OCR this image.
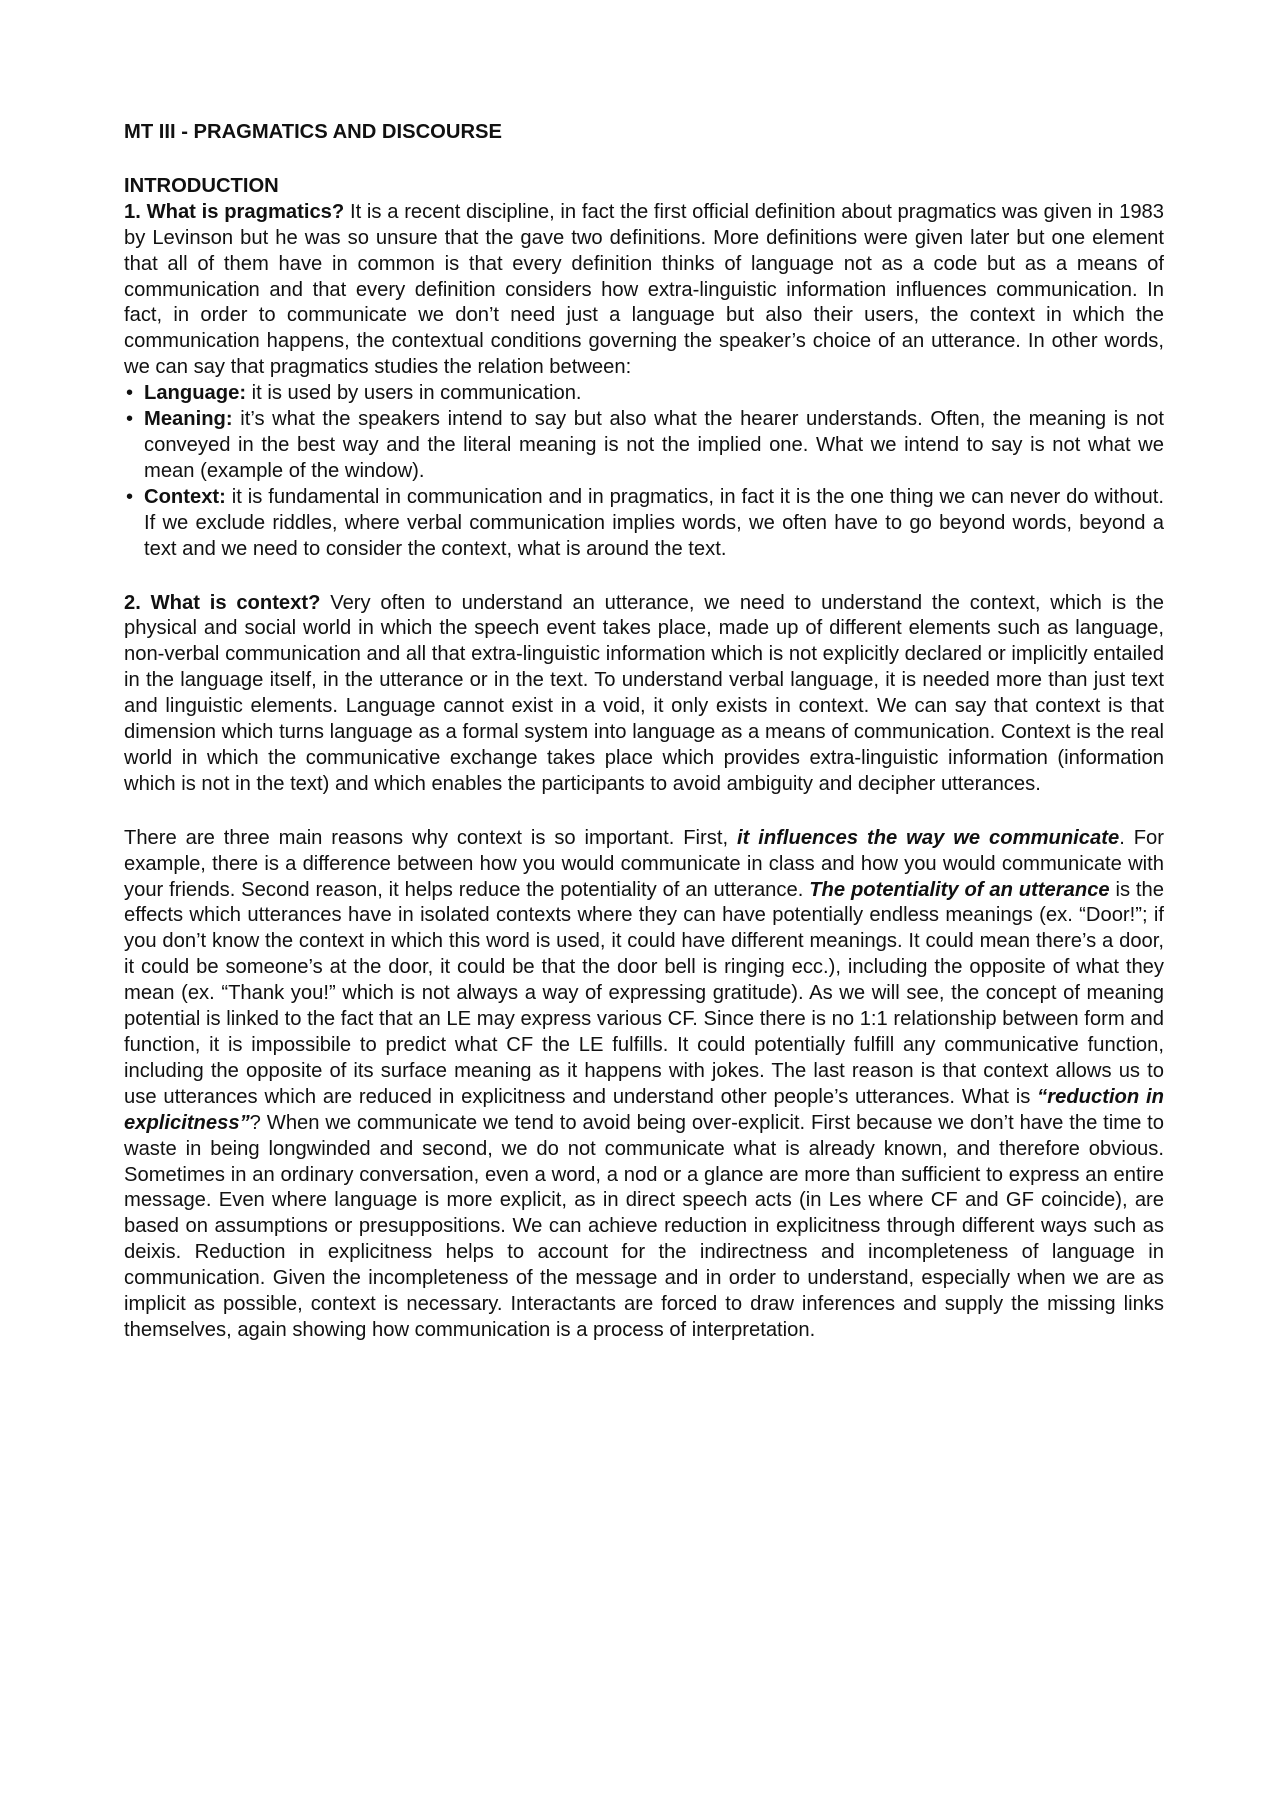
MT III - PRAGMATICS AND DISCOURSE

INTRODUCTION

1. What is pragmatics? It is a recent discipline, in fact the first official definition about pragmatics was given in 1983 by Levinson but he was so unsure that the gave two definitions. More definitions were given later but one element that all of them have in common is that every definition thinks of language not as a code but as a means of communication and that every definition considers how extra-linguistic information influences communication. In fact, in order to communicate we don’t need just a language but also their users, the context in which the communication happens, the contextual conditions governing the speaker’s choice of an utterance. In other words, we can say that pragmatics studies the relation between:

• Language: it is used by users in communication.
• Meaning: it’s what the speakers intend to say but also what the hearer understands. Often, the meaning is not conveyed in the best way and the literal meaning is not the implied one. What we intend to say is not what we mean (example of the window).
• Context: it is fundamental in communication and in pragmatics, in fact it is the one thing we can never do without. If we exclude riddles, where verbal communication implies words, we often have to go beyond words, beyond a text and we need to consider the context, what is around the text.

2. What is context? Very often to understand an utterance, we need to understand the context, which is the physical and social world in which the speech event takes place, made up of different elements such as language, non-verbal communication and all that extra-linguistic information which is not explicitly declared or implicitly entailed in the language itself, in the utterance or in the text. To understand verbal language, it is needed more than just text and linguistic elements. Language cannot exist in a void, it only exists in context. We can say that context is that dimension which turns language as a formal system into language as a means of communication. Context is the real world in which the communicative exchange takes place which provides extra-linguistic information (information which is not in the text) and which enables the participants to avoid ambiguity and decipher utterances.

There are three main reasons why context is so important. First, it influences the way we communicate. For example, there is a difference between how you would communicate in class and how you would communicate with your friends. Second reason, it helps reduce the potentiality of an utterance. The potentiality of an utterance is the effects which utterances have in isolated contexts where they can have potentially endless meanings (ex. “Door!”; if you don’t know the context in which this word is used, it could have different meanings. It could mean there’s a door, it could be someone’s at the door, it could be that the door bell is ringing ecc.), including the opposite of what they mean (ex. “Thank you!” which is not always a way of expressing gratitude). As we will see, the concept of meaning potential is linked to the fact that an LE may express various CF. Since there is no 1:1 relationship between form and function, it is impossibile to predict what CF the LE fulfills. It could potentially fulfill any communicative function, including the opposite of its surface meaning as it happens with jokes. The last reason is that context allows us to use utterances which are reduced in explicitness and understand other people’s utterances. What is “reduction in explicitness”? When we communicate we tend to avoid being over-explicit. First because we don’t have the time to waste in being longwinded and second, we do not communicate what is already known, and therefore obvious. Sometimes in an ordinary conversation, even a word, a nod or a glance are more than sufficient to express an entire message. Even where language is more explicit, as in direct speech acts (in Les where CF and GF coincide), are based on assumptions or presuppositions. We can achieve reduction in explicitness through different ways such as deixis. Reduction in explicitness helps to account for the indirectness and incompleteness of language in communication. Given the incompleteness of the message and in order to understand, especially when we are as implicit as possible, context is necessary. Interactants are forced to draw inferences and supply the missing links themselves, again showing how communication is a process of interpretation.
